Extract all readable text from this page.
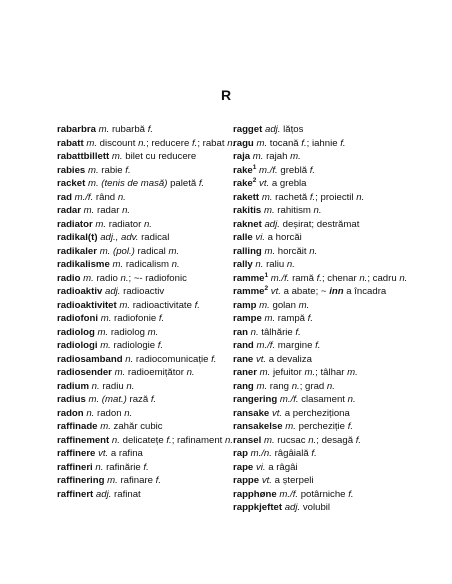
R
rabarbra m. rubarbă f.
rabatt m. discount n.; reducere f.; rabat n.
rabattbillett m. bilet cu reducere
rabies m. rabie f.
racket m. (tenis de masă) paletă f.
rad m./f. rând n.
radar m. radar n.
radiator m. radiator n.
radikal(t) adj., adv. radical
radikaler m. (pol.) radical m.
radikalisme m. radicalism n.
radio m. radio n.; ~- radiofonic
radioaktiv adj. radioactiv
radioaktivitet m. radioactivitate f.
radiofoni m. radiofonie f.
radiolog m. radiolog m.
radiologi m. radiologie f.
radiosamband n. radiocomunicație f.
radiosender m. radioemițător n.
radium n. radiu n.
radius m. (mat.) rază f.
radon n. radon n.
raffinade m. zahăr cubic
raffinement n. delicatețe f.; rafinament n.
raffinere vt. a rafina
raffineri n. rafinărie f.
raffinering m. rafinare f.
raffinert adj. rafinat
ragget adj. lățos
ragu m. tocană f.; iahnie f.
raja m. rajah m.
rake$^1$ m./f. greblă f.
rake$^2$ vt. a grebla
rakett m. rachetă f.; proiectil n.
rakitis m. rahitism n.
raknet adj. deșirat; destrămat
ralle vi. a horcăi
ralling m. horcăit n.
rally n. raliu n.
ramme$^1$ m./f. ramă f.; chenar n.; cadru n.
ramme$^2$ vt. a abate; ~ inn a încadra
ramp m. golan m.
rampe m. rampă f.
ran n. tâlhărie f.
rand m./f. margine f.
rane vt. a devaliza
raner m. jefuitor m.; tâlhar m.
rang m. rang n.; grad n.
rangering m./f. clasament n.
ransake vt. a percheziționa
ransakelse m. percheziție f.
ransel m. rucsac n.; desagă f.
rap m./n. râgâială f.
rape vi. a râgâi
rappe vt. a șterpeli
rapphøne m./f. potârniche f.
rappkjeftet adj. volubil
